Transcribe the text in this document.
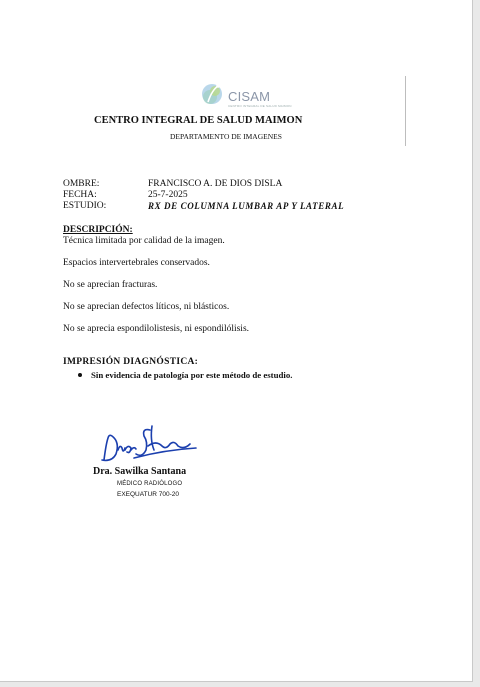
CISAM
CENTRO INTEGRAL DE SALUD MAIMON
CENTRO INTEGRAL DE SALUD MAIMON
DEPARTAMENTO DE IMAGENES
OMBRE:	FRANCISCO A. DE DIOS DISLA
FECHA:	25-7-2025
ESTUDIO:	RX DE COLUMNA LUMBAR AP Y LATERAL
DESCRIPCIÓN:
Técnica limitada por calidad de la imagen.
Espacios intervertebrales conservados.
No se aprecian fracturas.
No se aprecian defectos líticos, ni blásticos.
No se aprecia espondilolistesis, ni espondilólisis.
IMPRESIÓN DIAGNÓSTICA:
Sin evidencia de patología por este método de estudio.
Dra. Sawilka Santana
MÉDICO RADIÓLOGO
EXEQUATUR 700-20
